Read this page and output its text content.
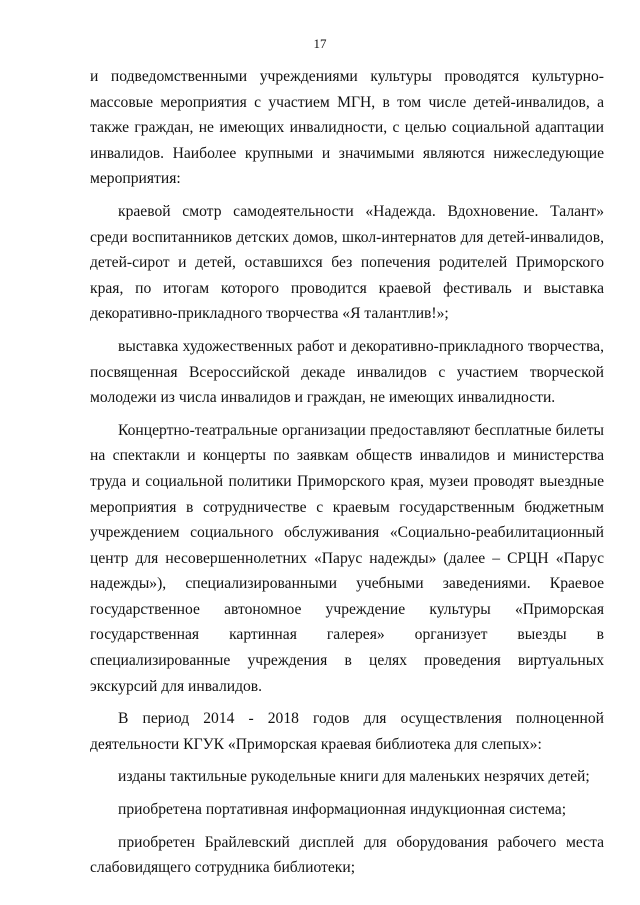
17

и подведомственными учреждениями культуры проводятся культурно-массовые мероприятия с участием МГН, в том числе детей-инвалидов, а также граждан, не имеющих инвалидности, с целью социальной адаптации инвалидов. Наиболее крупными и значимыми являются нижеследующие мероприятия:

краевой смотр самодеятельности «Надежда. Вдохновение. Талант» среди воспитанников детских домов, школ-интернатов для детей-инвалидов, детей-сирот и детей, оставшихся без попечения родителей Приморского края, по итогам которого проводится краевой фестиваль и выставка декоративно-прикладного творчества «Я талантлив!»;

выставка художественных работ и декоративно-прикладного творчества, посвященная Всероссийской декаде инвалидов с участием творческой молодежи из числа инвалидов и граждан, не имеющих инвалидности.

Концертно-театральные организации предоставляют бесплатные билеты на спектакли и концерты по заявкам обществ инвалидов и министерства труда и социальной политики Приморского края, музеи проводят выездные мероприятия в сотрудничестве с краевым государственным бюджетным учреждением социального обслуживания «Социально-реабилитационный центр для несовершеннолетних «Парус надежды» (далее – СРЦН «Парус надежды»), специализированными учебными заведениями. Краевое государственное автономное учреждение культуры «Приморская государственная картинная галерея» организует выезды в специализированные учреждения в целях проведения виртуальных экскурсий для инвалидов.

В период 2014 - 2018 годов для осуществления полноценной деятельности КГУК «Приморская краевая библиотека для слепых»:

изданы тактильные рукодельные книги для маленьких незрячих детей;

приобретена портативная информационная индукционная система;

приобретен Брайлевский дисплей для оборудования рабочего места слабовидящего сотрудника библиотеки;
